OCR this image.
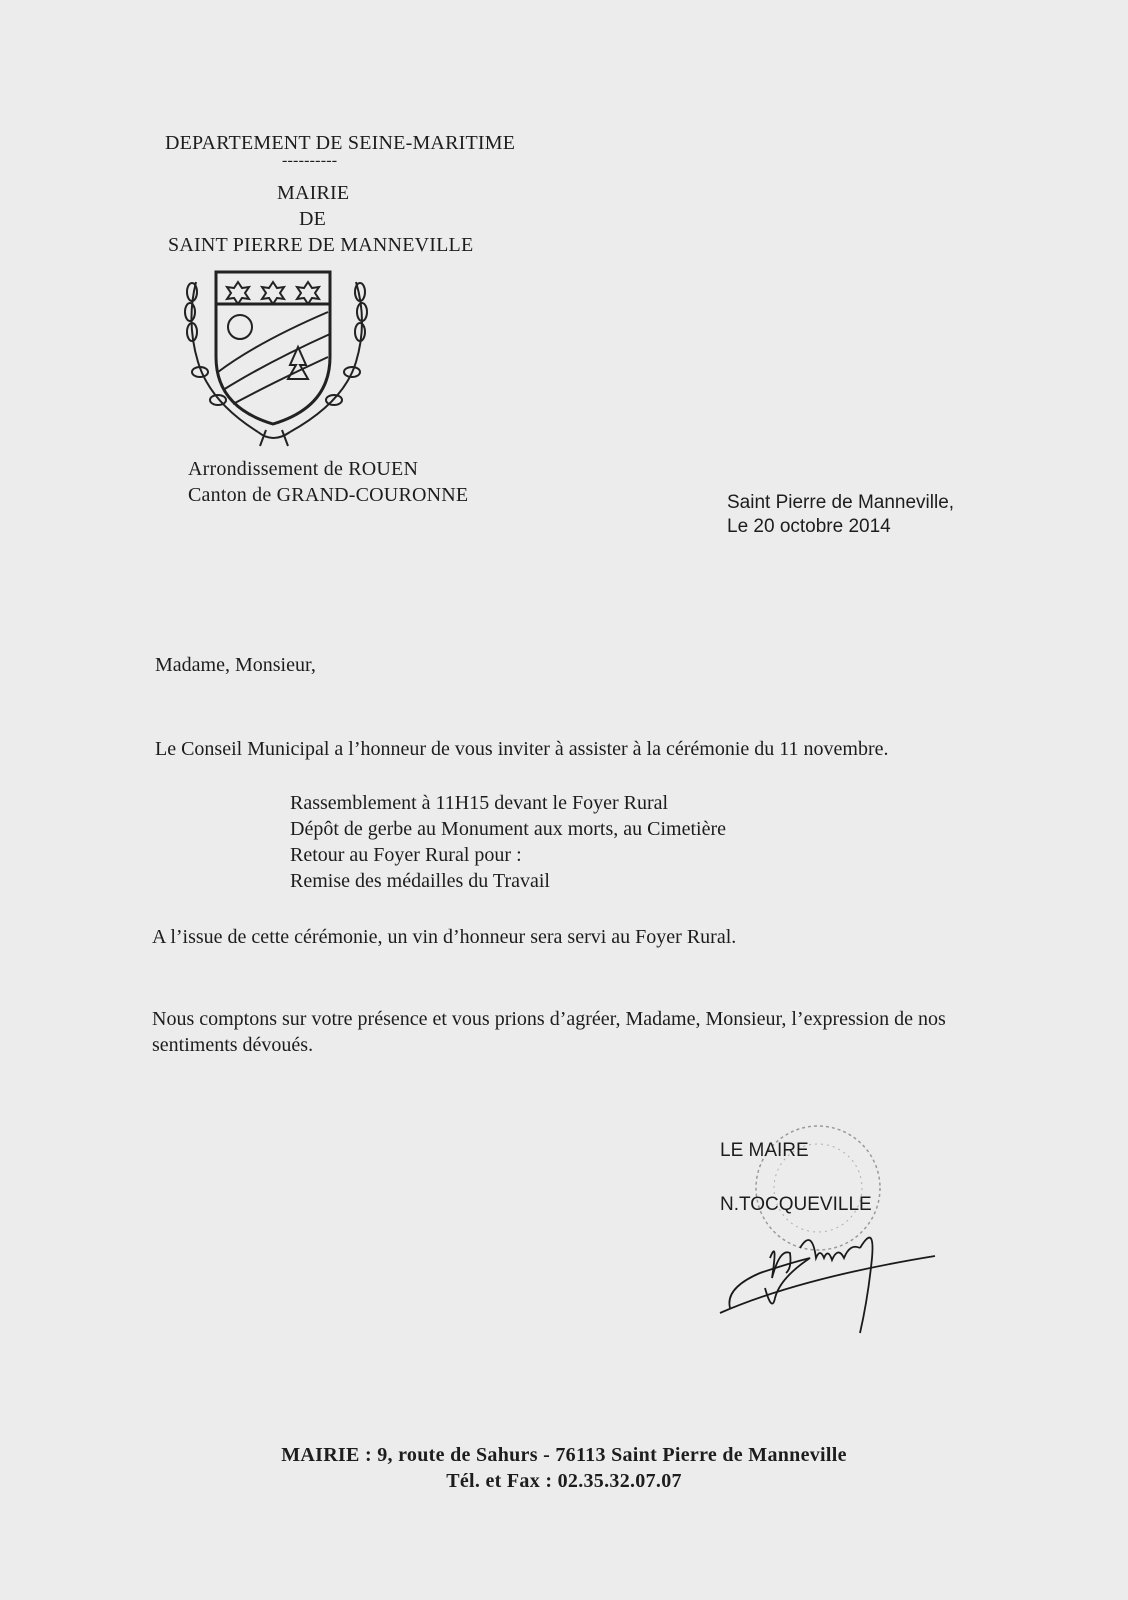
DEPARTEMENT DE SEINE-MARITIME
----------
MAIRIE
DE
SAINT PIERRE DE MANNEVILLE
Arrondissement de ROUEN
Canton de GRAND-COURONNE	Saint Pierre de Manneville,
Le 20 octobre 2014
Madame, Monsieur,
Le Conseil Municipal a l’honneur de vous inviter à assister à la cérémonie du 11 novembre.
Rassemblement à 11H15 devant le Foyer Rural
Dépôt de gerbe au Monument aux morts, au Cimetière
Retour au Foyer Rural pour :
Remise des médailles du Travail
A l’issue de cette cérémonie, un vin d’honneur sera servi au Foyer Rural.
Nous comptons sur votre présence et vous prions d’agréer, Madame, Monsieur, l’expression de nos
sentiments dévoués.
LE MAIRE
N.TOCQUEVILLE
MAIRIE : 9, route de Sahurs - 76113 Saint Pierre de Manneville
Tél. et Fax : 02.35.32.07.07
